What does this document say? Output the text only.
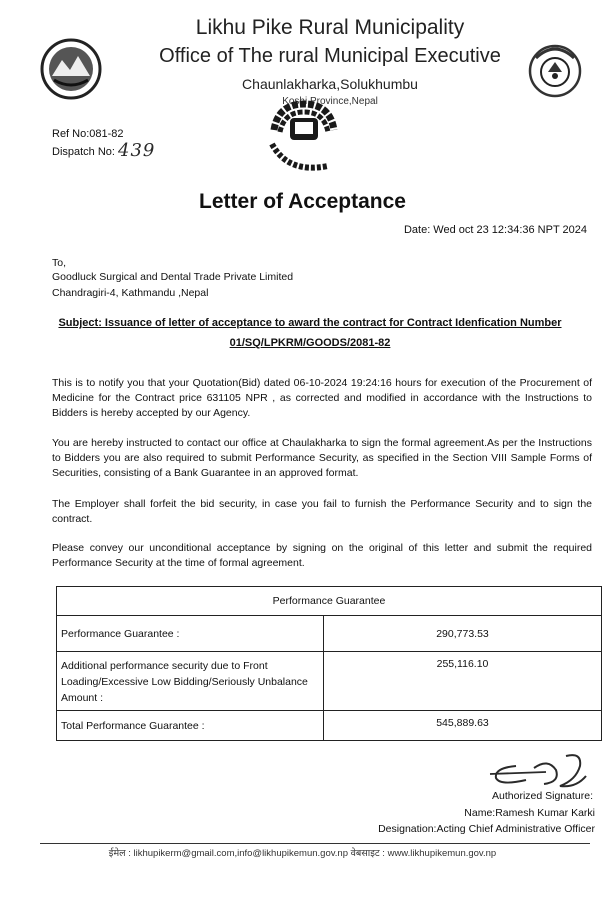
Likhu Pike Rural Municipality
Office of The rural Municipal Executive
Chaunlakharka,Solukhumbu
Koshi Province,Nepal
Ref No:081-82
Dispatch No: 439
Letter of Acceptance
Date: Wed oct 23 12:34:36 NPT 2024
To,
Goodluck Surgical and Dental Trade Private Limited
Chandragiri-4, Kathmandu ,Nepal
Subject: Issuance of letter of acceptance to award the contract for Contract Idenfication Number
01/SQ/LPKRM/GOODS/2081-82
This is to notify you that your Quotation(Bid) dated 06-10-2024 19:24:16 hours for execution of the Procurement of Medicine for the Contract price 631105 NPR , as corrected and modified in accordance with the Instructions to Bidders is hereby accepted by our Agency.
You are hereby instructed to contact our office at Chaulakharka to sign the formal agreement.As per the Instructions to Bidders you are also required to submit Performance Security, as specified in the Section VIII Sample Forms of Securities, consisting of a Bank Guarantee in an approved format.
The Employer shall forfeit the bid security, in case you fail to furnish the Performance Security and to sign the contract.
Please convey our unconditional acceptance by signing on the original of this letter and submit the required Performance Security at the time of formal agreement.
Performance Guarantee	
Performance Guarantee :	290,773.53
Additional performance security due to Front Loading/Excessive Low Bidding/Seriously Unbalance Amount :	255,116.10
Total Performance Guarantee :	545,889.63
Authorized Signature:
Name:Ramesh Kumar Karki
Designation:Acting Chief Administrative Officer
ईमेल : likhupikerm@gmail.com,info@likhupikemun.gov.np वेबसाइट : www.likhupikemun.gov.np
